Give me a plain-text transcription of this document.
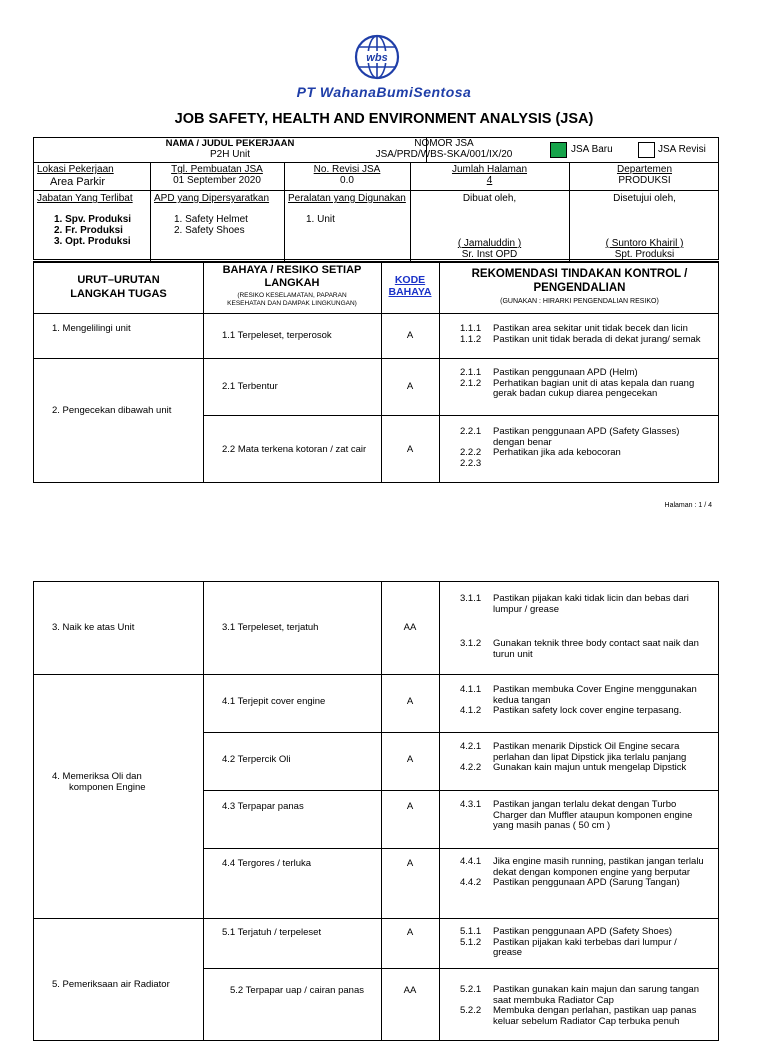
wbs
PT WahanaBumiSentosa
JOB SAFETY, HEALTH AND ENVIRONMENT ANALYSIS (JSA)
NAMA / JUDUL PEKERJAAN
P2H Unit
NOMOR JSA
JSA/PRD/WBS-SKA/001/IX/20	JSA Baru	JSA Revisi
Lokasi Pekerjaan
Area Parkir
Tgl. Pembuatan JSA
01 September 2020
No. Revisi JSA
0.0
Jumlah Halaman
4
Departemen
PRODUKSI
Jabatan Yang Terlibat
1. Spv. Produksi
2. Fr. Produksi
3. Opt. Produksi
APD yang Dipersyaratkan
1. Safety Helmet
2. Safety Shoes
Peralatan yang Digunakan
1. Unit
Dibuat oleh,
( Jamaluddin )
Sr. Inst OPD
Disetujui oleh,
( Suntoro Khairil )
Spt. Produksi
URUT–URUTAN
LANGKAH TUGAS
BAHAYA / RESIKO SETIAP
LANGKAH
(RESIKO KESELAMATAN, PAPARAN
KESEHATAN DAN DAMPAK LINGKUNGAN)
KODE
BAHAYA
REKOMENDASI TINDAKAN KONTROL /
PENGENDALIAN
(GUNAKAN : HIRARKI PENGENDALIAN RESIKO)
1. Mengelilingi unit
1.1 Terpeleset, terperosok	A
1.1.1 Pastikan area sekitar unit tidak becek dan licin
1.1.2 Pastikan unit tidak berada di dekat jurang/ semak
2. Pengecekan dibawah unit
2.1 Terbentur	A
2.1.1 Pastikan penggunaan APD (Helm)
2.1.2 Perhatikan bagian unit di atas kepala dan ruang gerak badan cukup diarea pengecekan
2.2 Mata terkena kotoran / zat cair	A
2.2.1 Pastikan penggunaan APD (Safety Glasses) dengan benar
2.2.2 Perhatikan jika ada kebocoran
2.2.3
Halaman : 1 / 4
3. Naik ke atas Unit	3.1 Terpeleset, terjatuh	AA
3.1.1 Pastikan pijakan kaki tidak licin dan bebas dari lumpur / grease
3.1.2 Gunakan teknik three body contact saat naik dan turun unit
4. Memeriksa Oli dan
komponen Engine
4.1 Terjepit cover engine	A
4.1.1 Pastikan membuka Cover Engine menggunakan kedua tangan
4.1.2 Pastikan safety lock cover engine terpasang.
4.2 Terpercik Oli	A
4.2.1 Pastikan menarik Dipstick Oil Engine secara perlahan dan lipat Dipstick jika terlalu panjang
4.2.2 Gunakan kain majun untuk mengelap Dipstick
4.3 Terpapar panas	A	4.3.1 Pastikan jangan terlalu dekat dengan Turbo Charger dan Muffler ataupun komponen engine yang masih panas ( 50 cm )
4.4 Tergores / terluka	A	4.4.1 Jika engine masih running, pastikan jangan terlalu dekat dengan komponen engine yang berputar
4.4.2 Pastikan penggunaan APD (Sarung Tangan)
5. Pemeriksaan air Radiator
5.1 Terjatuh / terpeleset	A	5.1.1 Pastikan penggunaan APD (Safety Shoes)
5.1.2 Pastikan pijakan kaki terbebas dari lumpur / grease
5.2 Terpapar uap / cairan panas	AA	5.2.1 Pastikan gunakan kain majun dan sarung tangan saat membuka Radiator Cap
5.2.2 Membuka dengan perlahan, pastikan uap panas keluar sebelum Radiator Cap terbuka penuh
